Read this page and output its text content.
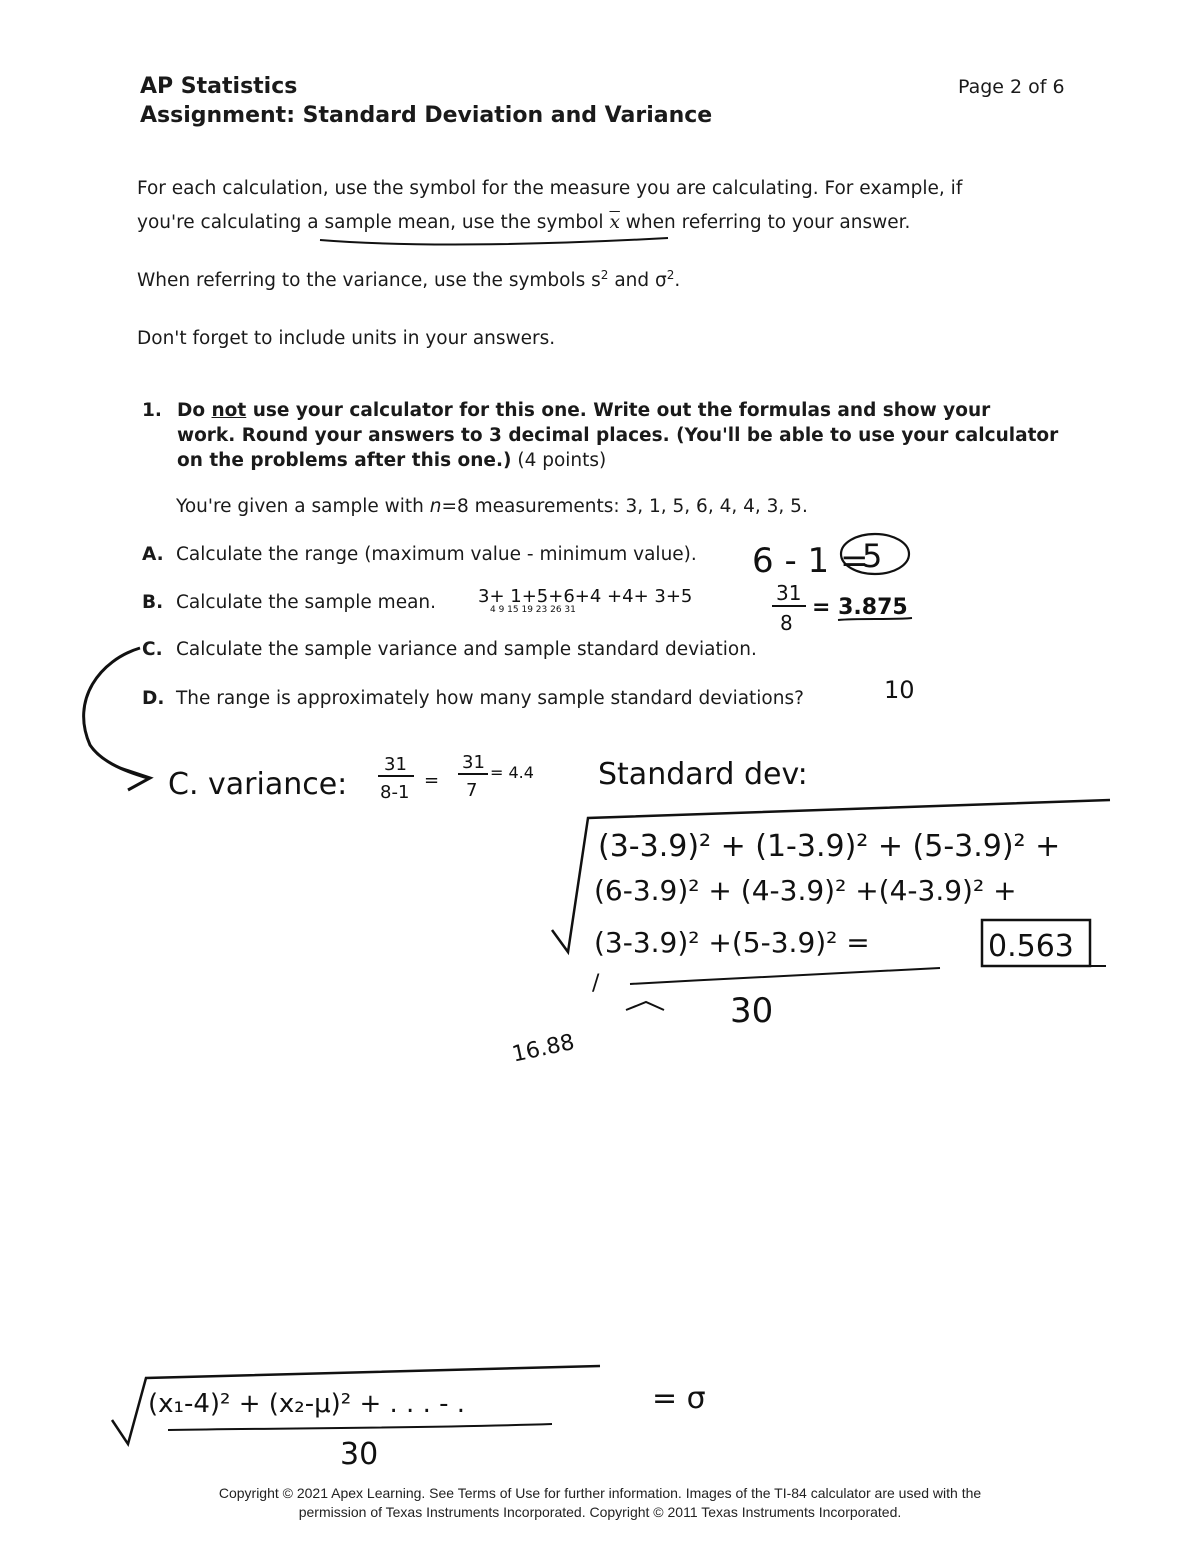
AP Statistics
Assignment: Standard Deviation and Variance
Page 2 of 6
For each calculation, use the symbol for the measure you are calculating. For example, if
you're calculating a sample mean, use the symbol $\overline{x}$ when referring to your answer.
When referring to the variance, use the symbols $s^2$ and $\sigma^2$.
Don't forget to include units in your answers.
1. Do not use your calculator for this one. Write out the formulas and show your
work. Round your answers to 3 decimal places. (You'll be able to use your calculator
on the problems after this one.) (4 points)
You're given a sample with n=8 measurements: 3, 1, 5, 6, 4, 4, 3, 5.
A. Calculate the range (maximum value - minimum value).
B. Calculate the sample mean.
C. Calculate the sample variance and sample standard deviation.
D. The range is approximately how many sample standard deviations?
6 - 1 =
5
3+ 1+5+6+4 +4+ 3+5
4 9 15 19 23 26 31
31
8
= 3.875
10
C. variance:
31
8-1
=
31
7
= 4.4 Standard dev:
(3-3.9)² + (1-3.9)² + (5-3.9)² +
(6-3.9)² + (4-3.9)² +(4-3.9)² +
(3-3.9)² +(5-3.9)² =	0.563
30
/
16.88
(x₁-4)² + (x₂-μ)² + . . . - .
30
= σ
Copyright © 2021 Apex Learning. See Terms of Use for further information. Images of the TI-84 calculator are used with the
permission of Texas Instruments Incorporated. Copyright © 2011 Texas Instruments Incorporated.
